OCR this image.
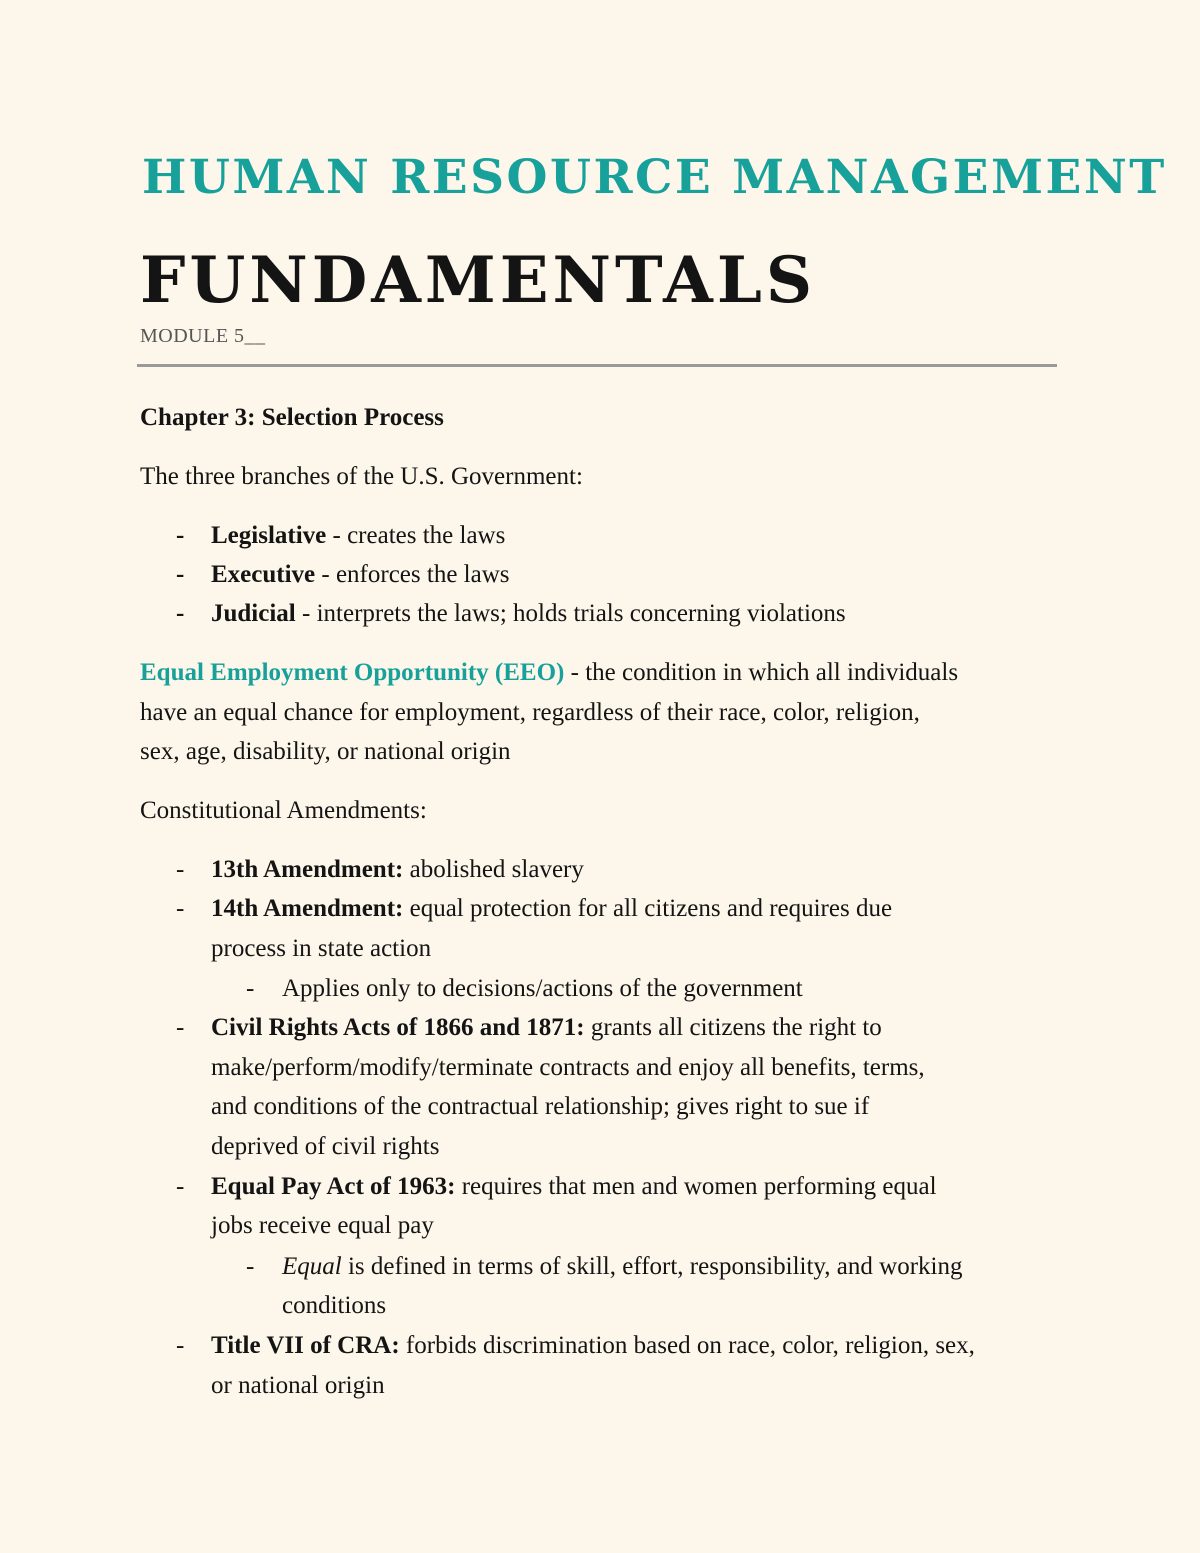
HUMAN RESOURCE MANAGEMENT
FUNDAMENTALS
MODULE 5__
Chapter 3: Selection Process
The three branches of the U.S. Government:
- Legislative - creates the laws
- Executive - enforces the laws
- Judicial - interprets the laws; holds trials concerning violations
Equal Employment Opportunity (EEO) - the condition in which all individuals
have an equal chance for employment, regardless of their race, color, religion,
sex, age, disability, or national origin
Constitutional Amendments:
- 13th Amendment: abolished slavery
- 14th Amendment: equal protection for all citizens and requires due
process in state action
- Applies only to decisions/actions of the government
- Civil Rights Acts of 1866 and 1871: grants all citizens the right to
make/perform/modify/terminate contracts and enjoy all benefits, terms,
and conditions of the contractual relationship; gives right to sue if
deprived of civil rights
- Equal Pay Act of 1963: requires that men and women performing equal
jobs receive equal pay
- Equal is defined in terms of skill, effort, responsibility, and working
conditions
- Title VII of CRA: forbids discrimination based on race, color, religion, sex,
or national origin
